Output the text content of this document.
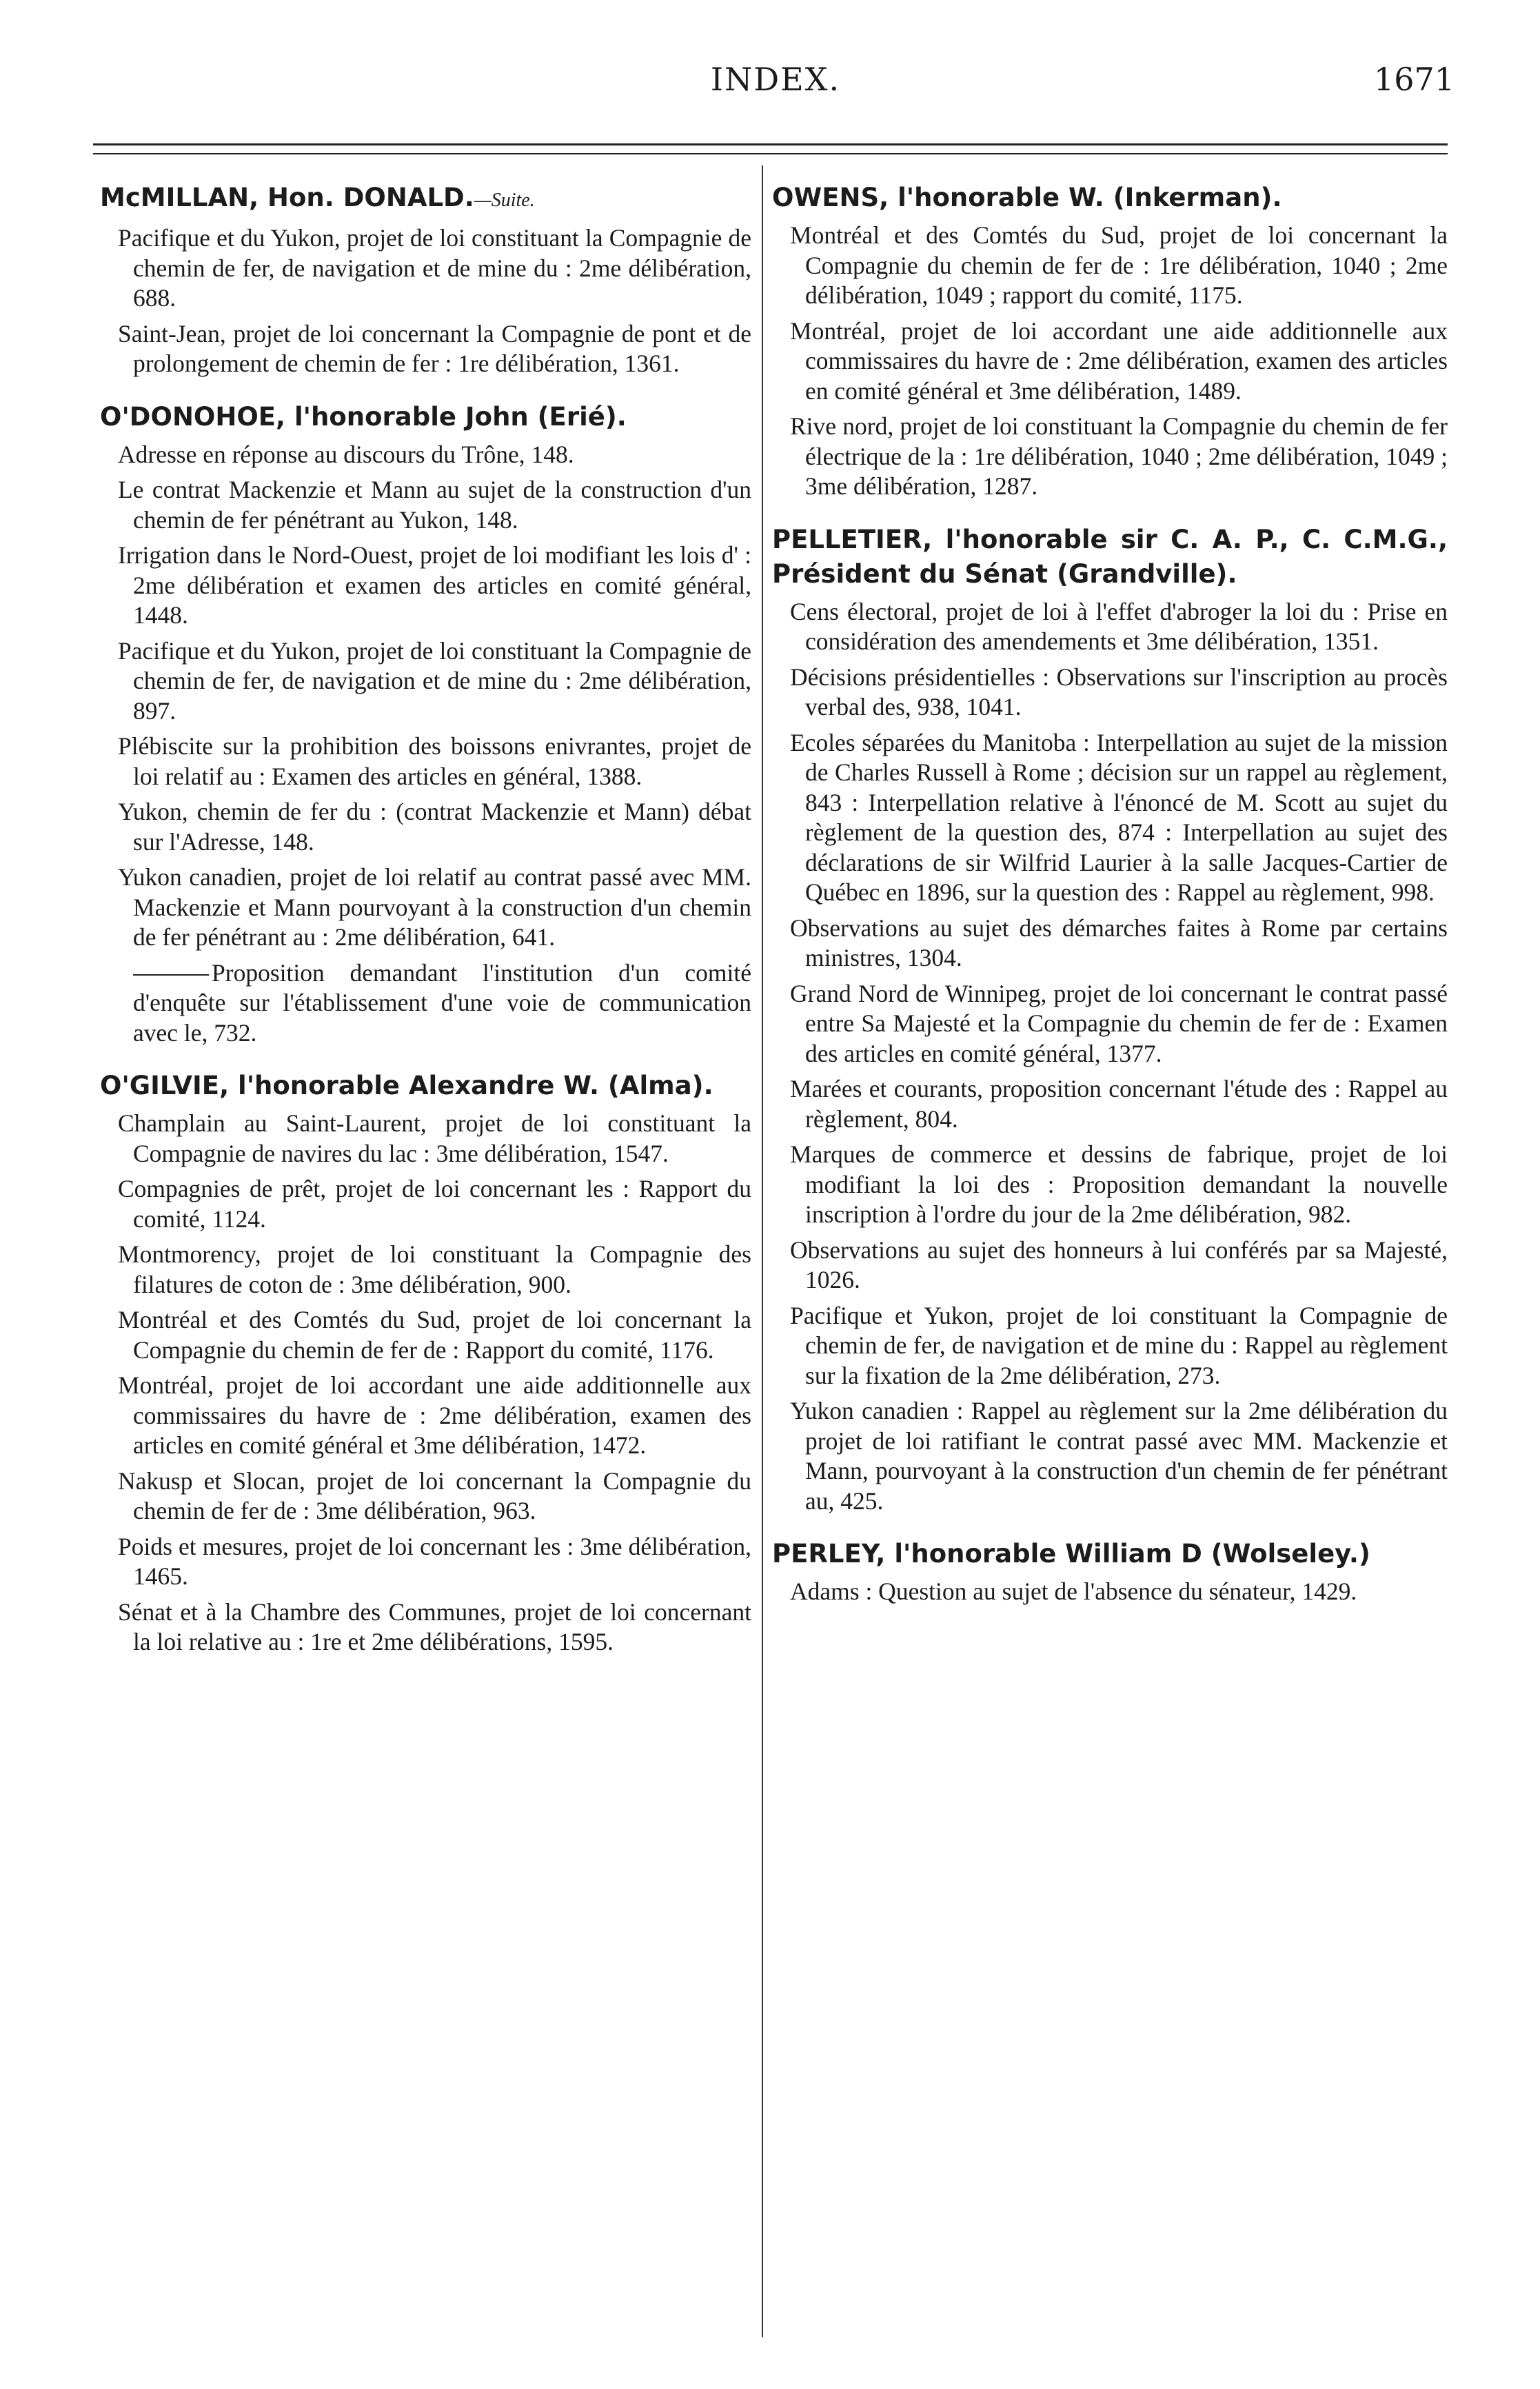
INDEX.	1671
McMILLAN, Hon. DONALD.—Suite.
Pacifique et du Yukon, projet de loi constituant la Compagnie de chemin de fer, de navigation et de mine du : 2me délibération, 688.
Saint-Jean, projet de loi concernant la Compagnie de pont et de prolongement de chemin de fer : 1re délibération, 1361.
O'DONOHOE, l'honorable John (Erié).
Adresse en réponse au discours du Trône, 148.
Le contrat Mackenzie et Mann au sujet de la construction d'un chemin de fer pénétrant au Yukon, 148.
Irrigation dans le Nord-Ouest, projet de loi modifiant les lois d' : 2me délibération et examen des articles en comité général, 1448.
Pacifique et du Yukon, projet de loi constituant la Compagnie de chemin de fer, de navigation et de mine du : 2me délibération, 897.
Plébiscite sur la prohibition des boissons enivrantes, projet de loi relatif au : Examen des articles en général, 1388.
Yukon, chemin de fer du : (contrat Mackenzie et Mann) débat sur l'Adresse, 148.
Yukon canadien, projet de loi relatif au contrat passé avec MM. Mackenzie et Mann pourvoyant à la construction d'un chemin de fer pénétrant au : 2me délibération, 641.
Proposition demandant l'institution d'un comité d'enquête sur l'établissement d'une voie de communication avec le, 732.
O'GILVIE, l'honorable Alexandre W. (Alma).
Champlain au Saint-Laurent, projet de loi constituant la Compagnie de navires du lac : 3me délibération, 1547.
Compagnies de prêt, projet de loi concernant les : Rapport du comité, 1124.
Montmorency, projet de loi constituant la Compagnie des filatures de coton de : 3me délibération, 900.
Montréal et des Comtés du Sud, projet de loi concernant la Compagnie du chemin de fer de : Rapport du comité, 1176.
Montréal, projet de loi accordant une aide additionnelle aux commissaires du havre de : 2me délibération, examen des articles en comité général et 3me délibération, 1472.
Nakusp et Slocan, projet de loi concernant la Compagnie du chemin de fer de : 3me délibération, 963.
Poids et mesures, projet de loi concernant les : 3me délibération, 1465.
Sénat et à la Chambre des Communes, projet de loi concernant la loi relative au : 1re et 2me délibérations, 1595.
OWENS, l'honorable W. (Inkerman).
Montréal et des Comtés du Sud, projet de loi concernant la Compagnie du chemin de fer de : 1re délibération, 1040 ; 2me délibération, 1049 ; rapport du comité, 1175.
Montréal, projet de loi accordant une aide additionnelle aux commissaires du havre de : 2me délibération, examen des articles en comité général et 3me délibération, 1489.
Rive nord, projet de loi constituant la Compagnie du chemin de fer électrique de la : 1re délibération, 1040 ; 2me délibération, 1049 ; 3me délibération, 1287.
PELLETIER, l'honorable sir C. A. P., C. C.M.G., Président du Sénat (Grandville).
Cens électoral, projet de loi à l'effet d'abroger la loi du : Prise en considération des amendements et 3me délibération, 1351.
Décisions présidentielles : Observations sur l'inscription au procès verbal des, 938, 1041.
Ecoles séparées du Manitoba : Interpellation au sujet de la mission de Charles Russell à Rome ; décision sur un rappel au règlement, 843 : Interpellation relative à l'énoncé de M. Scott au sujet du règlement de la question des, 874 : Interpellation au sujet des déclarations de sir Wilfrid Laurier à la salle Jacques-Cartier de Québec en 1896, sur la question des : Rappel au règlement, 998.
Observations au sujet des démarches faites à Rome par certains ministres, 1304.
Grand Nord de Winnipeg, projet de loi concernant le contrat passé entre Sa Majesté et la Compagnie du chemin de fer de : Examen des articles en comité général, 1377.
Marées et courants, proposition concernant l'étude des : Rappel au règlement, 804.
Marques de commerce et dessins de fabrique, projet de loi modifiant la loi des : Proposition demandant la nouvelle inscription à l'ordre du jour de la 2me délibération, 982.
Observations au sujet des honneurs à lui conférés par sa Majesté, 1026.
Pacifique et Yukon, projet de loi constituant la Compagnie de chemin de fer, de navigation et de mine du : Rappel au règlement sur la fixation de la 2me délibération, 273.
Yukon canadien : Rappel au règlement sur la 2me délibération du projet de loi ratifiant le contrat passé avec MM. Mackenzie et Mann, pourvoyant à la construction d'un chemin de fer pénétrant au, 425.
PERLEY, l'honorable William D (Wolseley.)
Adams : Question au sujet de l'absence du sénateur, 1429.
